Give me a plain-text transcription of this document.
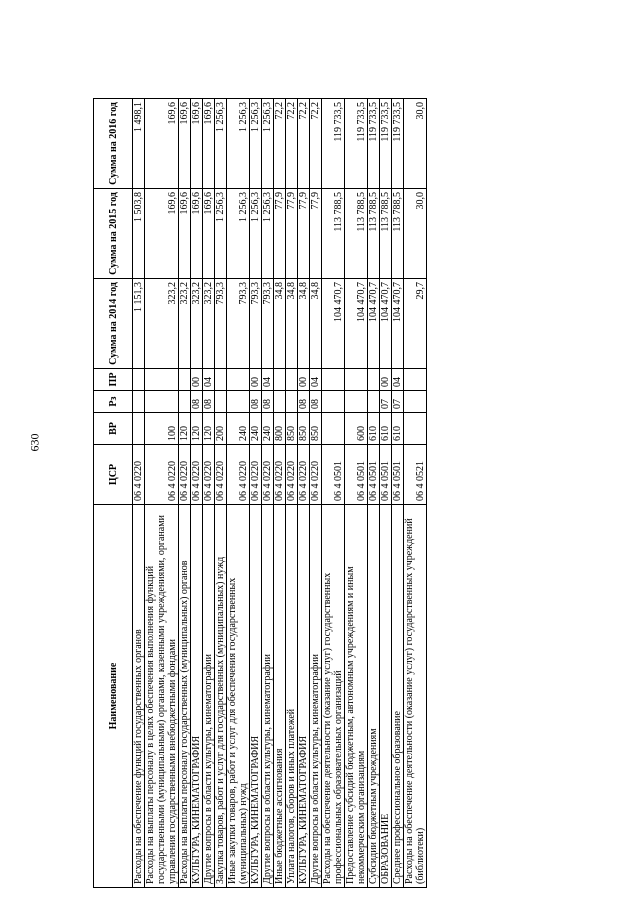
630
Наименование	ЦСР	ВР	Рз	ПР	Сумма на 2014 год	Сумма на 2015 год	Сумма на 2016 год
Расходы на обеспечение функций государственных органов	06 4 0220				1 151,3	1 503,8	1 498,1
Расходы на выплаты персоналу в целях обеспечения выполнения функций государственными (муниципальными) органами, казенными учреждениями, органами управления государственными внебюджетными фондами	06 4 0220	100			323,2	169,6	169,6
Расходы на выплаты персоналу государственных (муниципальных) органов	06 4 0220	120			323,2	169,6	169,6
КУЛЬТУРА, КИНЕМАТОГРАФИЯ	06 4 0220	120	08	00	323,2	169,6	169,6
Другие вопросы в области культуры, кинематографии	06 4 0220	120	08	04	323,2	169,6	169,6
Закупка товаров, работ и услуг для государственных (муниципальных) нужд	06 4 0220	200			793,3	1 256,3	1 256,3
Иные закупки товаров, работ и услуг для обеспечения государственных (муниципальных) нужд	06 4 0220	240			793,3	1 256,3	1 256,3
КУЛЬТУРА, КИНЕМАТОГРАФИЯ	06 4 0220	240	08	00	793,3	1 256,3	1 256,3
Другие вопросы в области культуры, кинематографии	06 4 0220	240	08	04	793,3	1 256,3	1 256,3
Иные бюджетные ассигнования	06 4 0220	800			34,8	77,9	72,2
Уплата налогов, сборов и иных платежей	06 4 0220	850			34,8	77,9	72,2
КУЛЬТУРА, КИНЕМАТОГРАФИЯ	06 4 0220	850	08	00	34,8	77,9	72,2
Другие вопросы в области культуры, кинематографии	06 4 0220	850	08	04	34,8	77,9	72,2
Расходы на обеспечение деятельности (оказание услуг) государственных профессиональных образовательных организаций	06 4 0501				104 470,7	113 788,5	119 733,5
Предоставление субсидий бюджетным, автономным учреждениям и иным некоммерческим организациям	06 4 0501	600			104 470,7	113 788,5	119 733,5
Субсидии бюджетным учреждениям	06 4 0501	610			104 470,7	113 788,5	119 733,5
ОБРАЗОВАНИЕ	06 4 0501	610	07	00	104 470,7	113 788,5	119 733,5
Среднее профессиональное образование	06 4 0501	610	07	04	104 470,7	113 788,5	119 733,5
Расходы на обеспечение деятельности (оказание услуг) государственных учреждений (библиотеки)	06 4 0521				29,7	30,0	30,0
